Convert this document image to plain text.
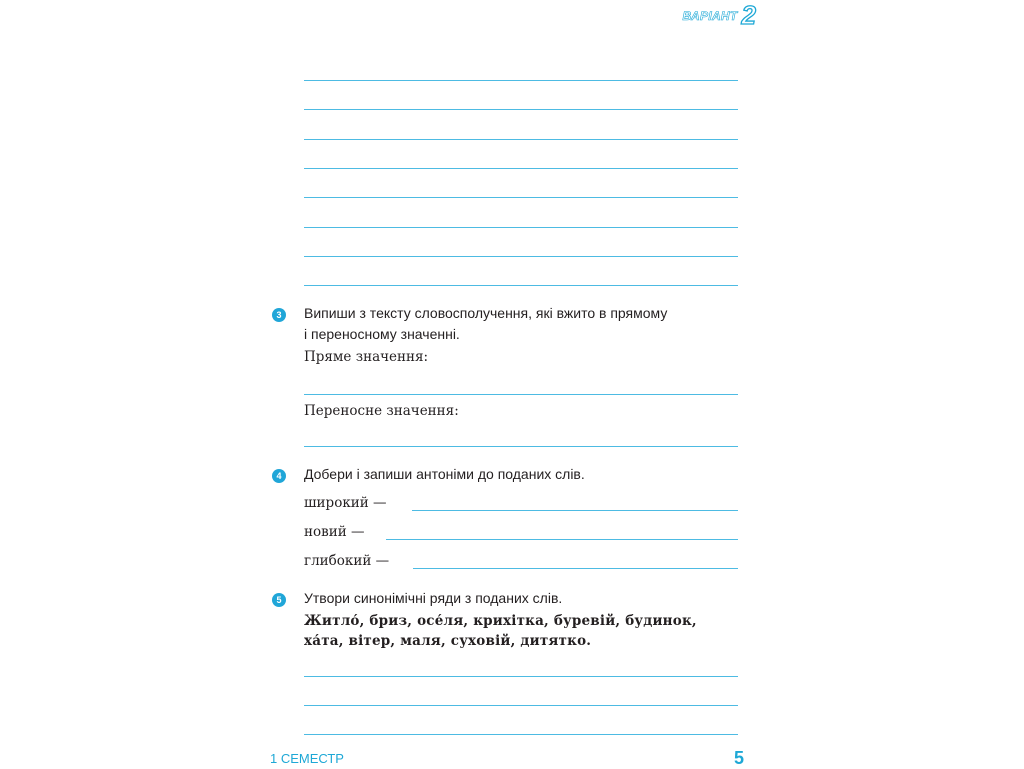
ВАРІАНТ 2
3	Випиши з тексту словосполучення, які вжито в прямому
і переносному значенні.
Пряме значення:
Переносне значення:
4	Добери і запиши антоніми до поданих слів.
широкий —
новий —
глибокий —
5	Утвори синонімічні ряди з поданих слів.
Житло́, бриз, осе́ля, крихітка, буревій, будинок,
ха́та, вітер, маля, суховій, дитятко.
1 СЕМЕСТР	5
